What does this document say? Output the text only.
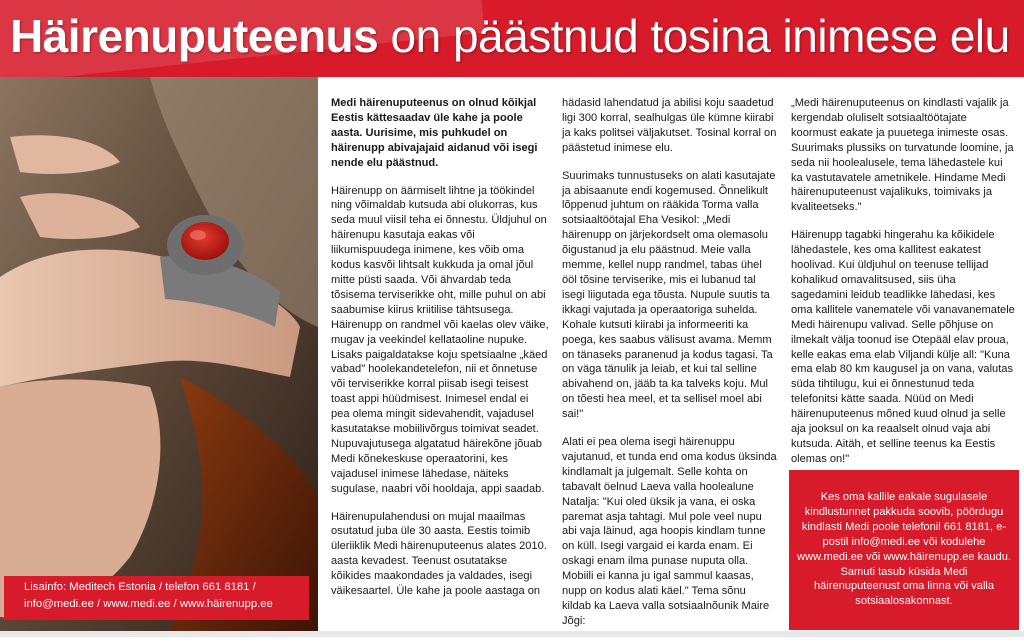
Häirenuputeenus on päästnud tosina inimese elu
Lisainfo: Meditech Estonia / telefon 661 8181 /
info@medi.ee / www.medi.ee / www.häirenupp.ee

Medi häirenuputeenus on olnud kõikjal Eestis kättesaadav üle kahe ja poole aasta. Uurisime, mis puhkudel on häirenupp abivajajaid aidanud või isegi nende elu päästnud.

Häirenupp on äärmiselt lihtne ja töökindel ning võimaldab kutsuda abi olukorras, kus seda muul viisil teha ei õnnestu. Üldjuhul on häirenupu kasutaja eakas või liikumispuudega inimene, kes võib oma kodus kasvõi lihtsalt kukkuda ja omal jõul mitte püsti saada. Või ähvardab teda tõsisema terviserikke oht, mille puhul on abi saabumise kiirus kriitilise tähtsusega. Häirenupp on randmel või kaelas olev väike, mugav ja veekindel kellataoline nupuke. Lisaks paigaldatakse koju spetsiaalne „käed vabad" hoolekandetelefon, nii et õnnetuse või terviserikke korral piisab isegi teisest toast appi hüüdmisest. Inimesel endal ei pea olema mingit sidevahendit, vajadusel kasutatakse mobiilivõrgus toimivat seadet. Nupuvajutusega algatatud häirekõne jõuab Medi kõnekeskuse operaatorini, kes vajadusel inimese lähedase, näiteks sugulase, naabri või hooldaja, appi saadab.

Häirenupulahendusi on mujal maailmas osutatud juba üle 30 aasta. Eestis toimib üleriiklik Medi häirenuputeenus alates 2010. aasta kevadest. Teenust osutatakse kõikides maakondades ja valdades, isegi väikesaartel. Üle kahe ja poole aastaga on

hädasid lahendatud ja abilisi koju saadetud ligi 300 korral, sealhulgas üle kümne kiirabi ja kaks politsei väljakutset. Tosinal korral on päästetud inimese elu.

Suurimaks tunnustuseks on alati kasutajate ja abisaanute endi kogemused. Õnnelikult lõppenud juhtum on rääkida Torma valla sotsiaaltöötajal Eha Vesikol: „Medi häirenupp on järjekordselt oma olemasolu õigustanud ja elu päästnud. Meie valla memme, kellel nupp randmel, tabas ühel ööl tõsine terviserike, mis ei lubanud tal isegi liigutada ega tõusta. Nupule suutis ta ikkagi vajutada ja operaatoriga suhelda. Kohale kutsuti kiirabi ja informeeriti ka poega, kes saabus välisust avama. Memm on tänaseks paranenud ja kodus tagasi. Ta on väga tänulik ja leiab, et kui tal selline abivahend on, jääb ta ka talveks koju. Mul on tõesti hea meel, et ta sellisel moel abi sai!"

Alati ei pea olema isegi häirenuppu vajutanud, et tunda end oma kodus üksinda kindlamalt ja julgemalt. Selle kohta on tabavalt öelnud Laeva valla hoolealune Natalja: "Kui oled üksik ja vana, ei oska paremat asja tahtagi. Mul pole veel nupu abi vaja läinud, aga hoopis kindlam tunne on küll. Isegi vargaid ei karda enam. Ei oskagi enam ilma punase nuputa olla. Mobiili ei kanna ju igal sammul kaasas, nupp on kodus alati käel." Tema sõnu kildab ka Laeva valla sotsiaalnõunik Maire Jõgi:

„Medi häirenuputeenus on kindlasti vajalik ja kergendab oluliselt sotsiaaltöötajate koormust eakate ja puuetega inimeste osas. Suurimaks plussiks on turvatunde loomine, ja seda nii hoolealusele, tema lähedastele kui ka vastutavatele ametnikele. Hindame Medi häirenuputeenust vajalikuks, toimivaks ja kvaliteetseks."

Häirenupp tagabki hingerahu ka kõikidele lähedastele, kes oma kallitest eakatest hoolivad. Kui üldjuhul on teenuse tellijad kohalikud omavalitsused, siis üha sagedamini leidub teadlikke lähedasi, kes oma kallitele vanematele või vanavanematele Medi häirenupu valivad. Selle põhjuse on ilmekalt välja toonud ise Otepääl elav proua, kelle eakas ema elab Viljandi külje all: "Kuna ema elab 80 km kaugusel ja on vana, valutas süda tihtilugu, kui ei õnnestunud teda telefonitsi kätte saada. Nüüd on Medi häirenuputeenus mõned kuud olnud ja selle aja jooksul on ka reaalselt olnud vaja abi kutsuda. Aitäh, et selline teenus ka Eestis olemas on!"

Kes oma kallile eakale sugulasele kindlustunnet pakkuda soovib, pöördugu kindlasti Medi poole telefonil 661 8181, e-postil info@medi.ee või kodulehe www.medi.ee või www.häirenupp.ee kaudu. Samuti tasub küsida Medi häirenuputeenust oma linna või valla sotsiaalosakonnast.
